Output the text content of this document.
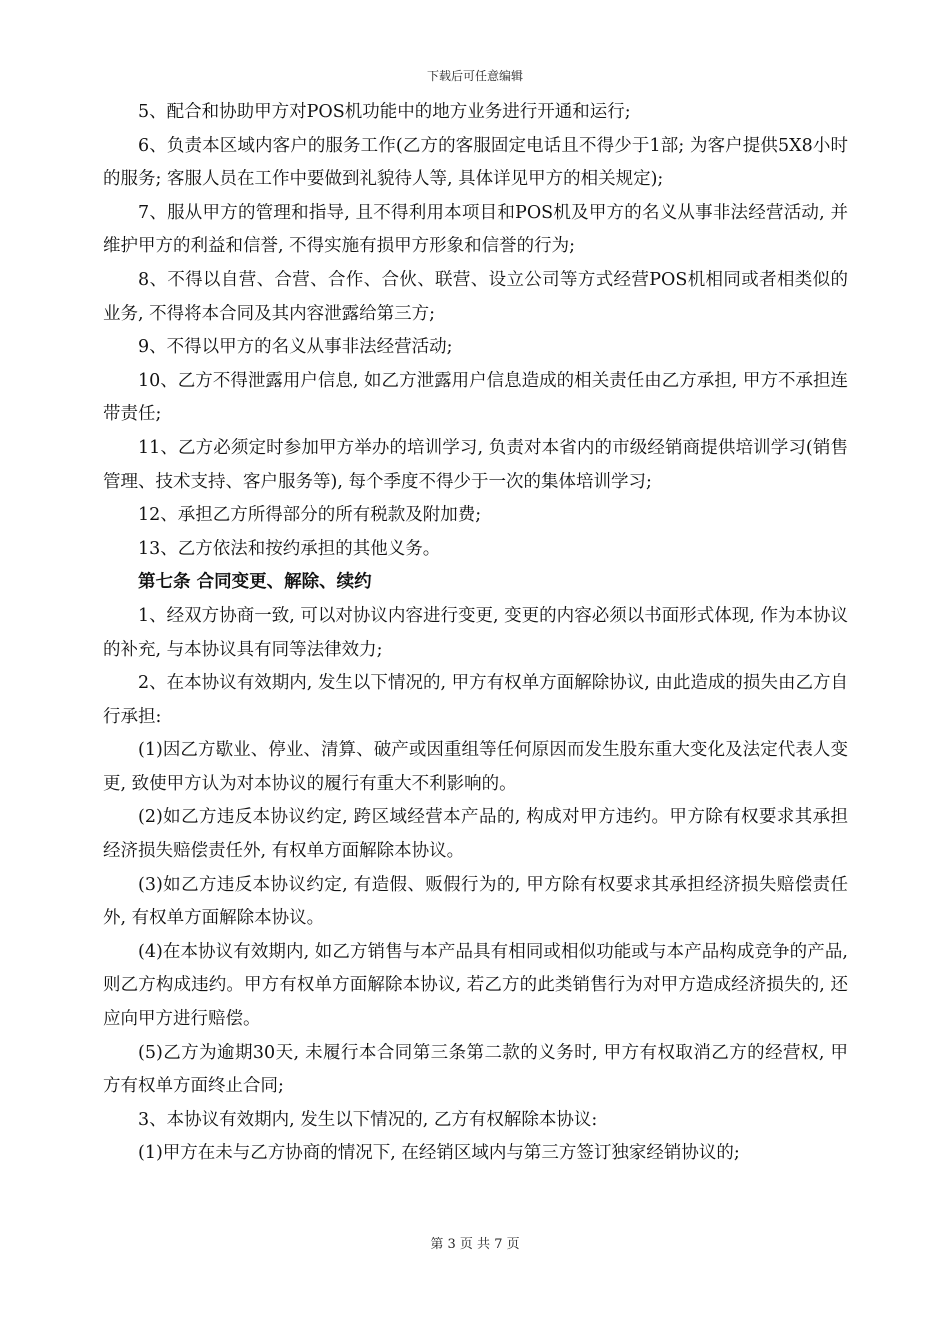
下载后可任意编辑

5、配合和协助甲方对POS机功能中的地方业务进行开通和运行;

6、负责本区域内客户的服务工作(乙方的客服固定电话且不得少于1部; 为客户提供5X8小时的服务; 客服人员在工作中要做到礼貌待人等, 具体详见甲方的相关规定);

7、服从甲方的管理和指导, 且不得利用本项目和POS机及甲方的名义从事非法经营活动, 并维护甲方的利益和信誉, 不得实施有损甲方形象和信誉的行为;

8、不得以自营、合营、合作、合伙、联营、设立公司等方式经营POS机相同或者相类似的业务, 不得将本合同及其内容泄露给第三方;

9、不得以甲方的名义从事非法经营活动;

10、乙方不得泄露用户信息, 如乙方泄露用户信息造成的相关责任由乙方承担, 甲方不承担连带责任;

11、乙方必须定时参加甲方举办的培训学习, 负责对本省内的市级经销商提供培训学习(销售管理、技术支持、客户服务等), 每个季度不得少于一次的集体培训学习;

12、承担乙方所得部分的所有税款及附加费;

13、乙方依法和按约承担的其他义务。

第七条 合同变更、解除、续约

1、经双方协商一致, 可以对协议内容进行变更, 变更的内容必须以书面形式体现, 作为本协议的补充, 与本协议具有同等法律效力;

2、在本协议有效期内, 发生以下情况的, 甲方有权单方面解除协议, 由此造成的损失由乙方自行承担:

(1)因乙方歇业、停业、清算、破产或因重组等任何原因而发生股东重大变化及法定代表人变更, 致使甲方认为对本协议的履行有重大不利影响的。

(2)如乙方违反本协议约定, 跨区域经营本产品的, 构成对甲方违约。甲方除有权要求其承担经济损失赔偿责任外, 有权单方面解除本协议。

(3)如乙方违反本协议约定, 有造假、贩假行为的, 甲方除有权要求其承担经济损失赔偿责任外, 有权单方面解除本协议。

(4)在本协议有效期内, 如乙方销售与本产品具有相同或相似功能或与本产品构成竞争的产品, 则乙方构成违约。甲方有权单方面解除本协议, 若乙方的此类销售行为对甲方造成经济损失的, 还应向甲方进行赔偿。

(5)乙方为逾期30天, 未履行本合同第三条第二款的义务时, 甲方有权取消乙方的经营权, 甲方有权单方面终止合同;

3、本协议有效期内, 发生以下情况的, 乙方有权解除本协议:

(1)甲方在未与乙方协商的情况下, 在经销区域内与第三方签订独家经销协议的;

第 3 页 共 7 页
